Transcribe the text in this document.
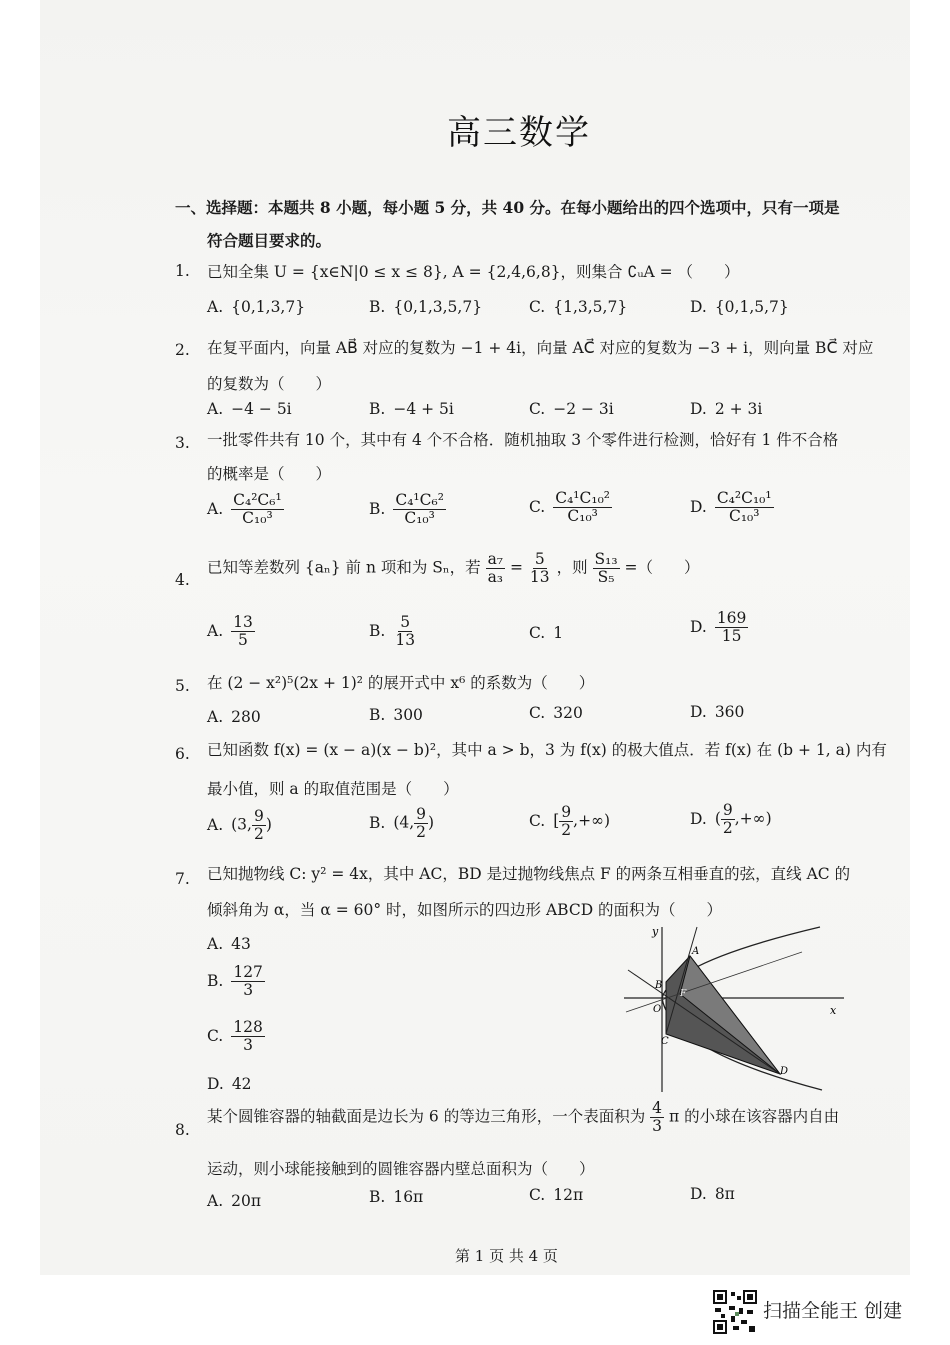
高三数学
一、选择题：本题共 8 小题，每小题 5 分，共 40 分。在每小题给出的四个选项中，只有一项是
符合题目要求的。
1. 已知全集 U = {x∈N|0 ≤ x ≤ 8}, A = {2,4,6,8}，则集合 ∁ᵤA = （　　）
A. {0,1,3,7}	B. {0,1,3,5,7}	C. {1,3,5,7}	D. {0,1,5,7}
2. 在复平面内，向量 AB⃗ 对应的复数为 −1 + 4i，向量 AC⃗ 对应的复数为 −3 + i，则向量 BC⃗ 对应
的复数为（　　）
A. −4 − 5i	B. −4 + 5i	C. −2 − 3i	D. 2 + 3i
3. 一批零件共有 10 个，其中有 4 个不合格．随机抽取 3 个零件进行检测，恰好有 1 件不合格
的概率是（　　）
A. $\frac{\text{C₄²C₆¹}}{\text{C₁₀³}}$	B. $\frac{\text{C₄¹C₆²}}{\text{C₁₀³}}$	C. $\frac{\text{C₄¹C₁₀²}}{\text{C₁₀³}}$	D. $\frac{\text{C₄²C₁₀¹}}{\text{C₁₀³}}$
4.
已知等差数列 {aₙ} 前 n 项和为 Sₙ，若 $\frac{\text{a₇}}{\text{a₃}} = \frac{5}{13}$ ，则 $\frac{\text{S₁₃}}{\text{S₅}}$ =（　　）
A. $\frac{13}{5}$	B. $\frac{5}{13}$	C. 1	D. $\frac{169}{15}$
5. 在 (2 − x²)⁵(2x + 1)² 的展开式中 x⁶ 的系数为（　　）
A. 280	B. 300	C. 320	D. 360
6. 已知函数 f(x) = (x − a)(x − b)²，其中 a > b，3 为 f(x) 的极大值点．若 f(x) 在 (b + 1, a) 内有
最小值，则 a 的取值范围是（　　）
A. (3, $\frac{9}{2}$ )	B. (4, $\frac{9}{2}$ )	C. [ $\frac{9}{2}$ ,+∞)	D. ( $\frac{9}{2}$ ,+∞)
7. 已知抛物线 C: y² = 4x，其中 AC，BD 是过抛物线焦点 F 的两条互相垂直的弦，直线 AC 的
倾斜角为 α，当 α = 60° 时，如图所示的四边形 ABCD 的面积为（　　）
A. 43
B. $\frac{127}{3}$
C. $\frac{128}{3}$
D. 42
y
x
A
B
O
F
C
D
8.
某个圆锥容器的轴截面是边长为 6 的等边三角形，一个表面积为 $\frac{4}{3}$ π 的小球在该容器内自由
运动，则小球能接触到的圆锥容器内壁总面积为（　　）
A. 20π	B. 16π	C. 12π	D. 8π
第 1 页 共 4 页
扫描全能王 创建
